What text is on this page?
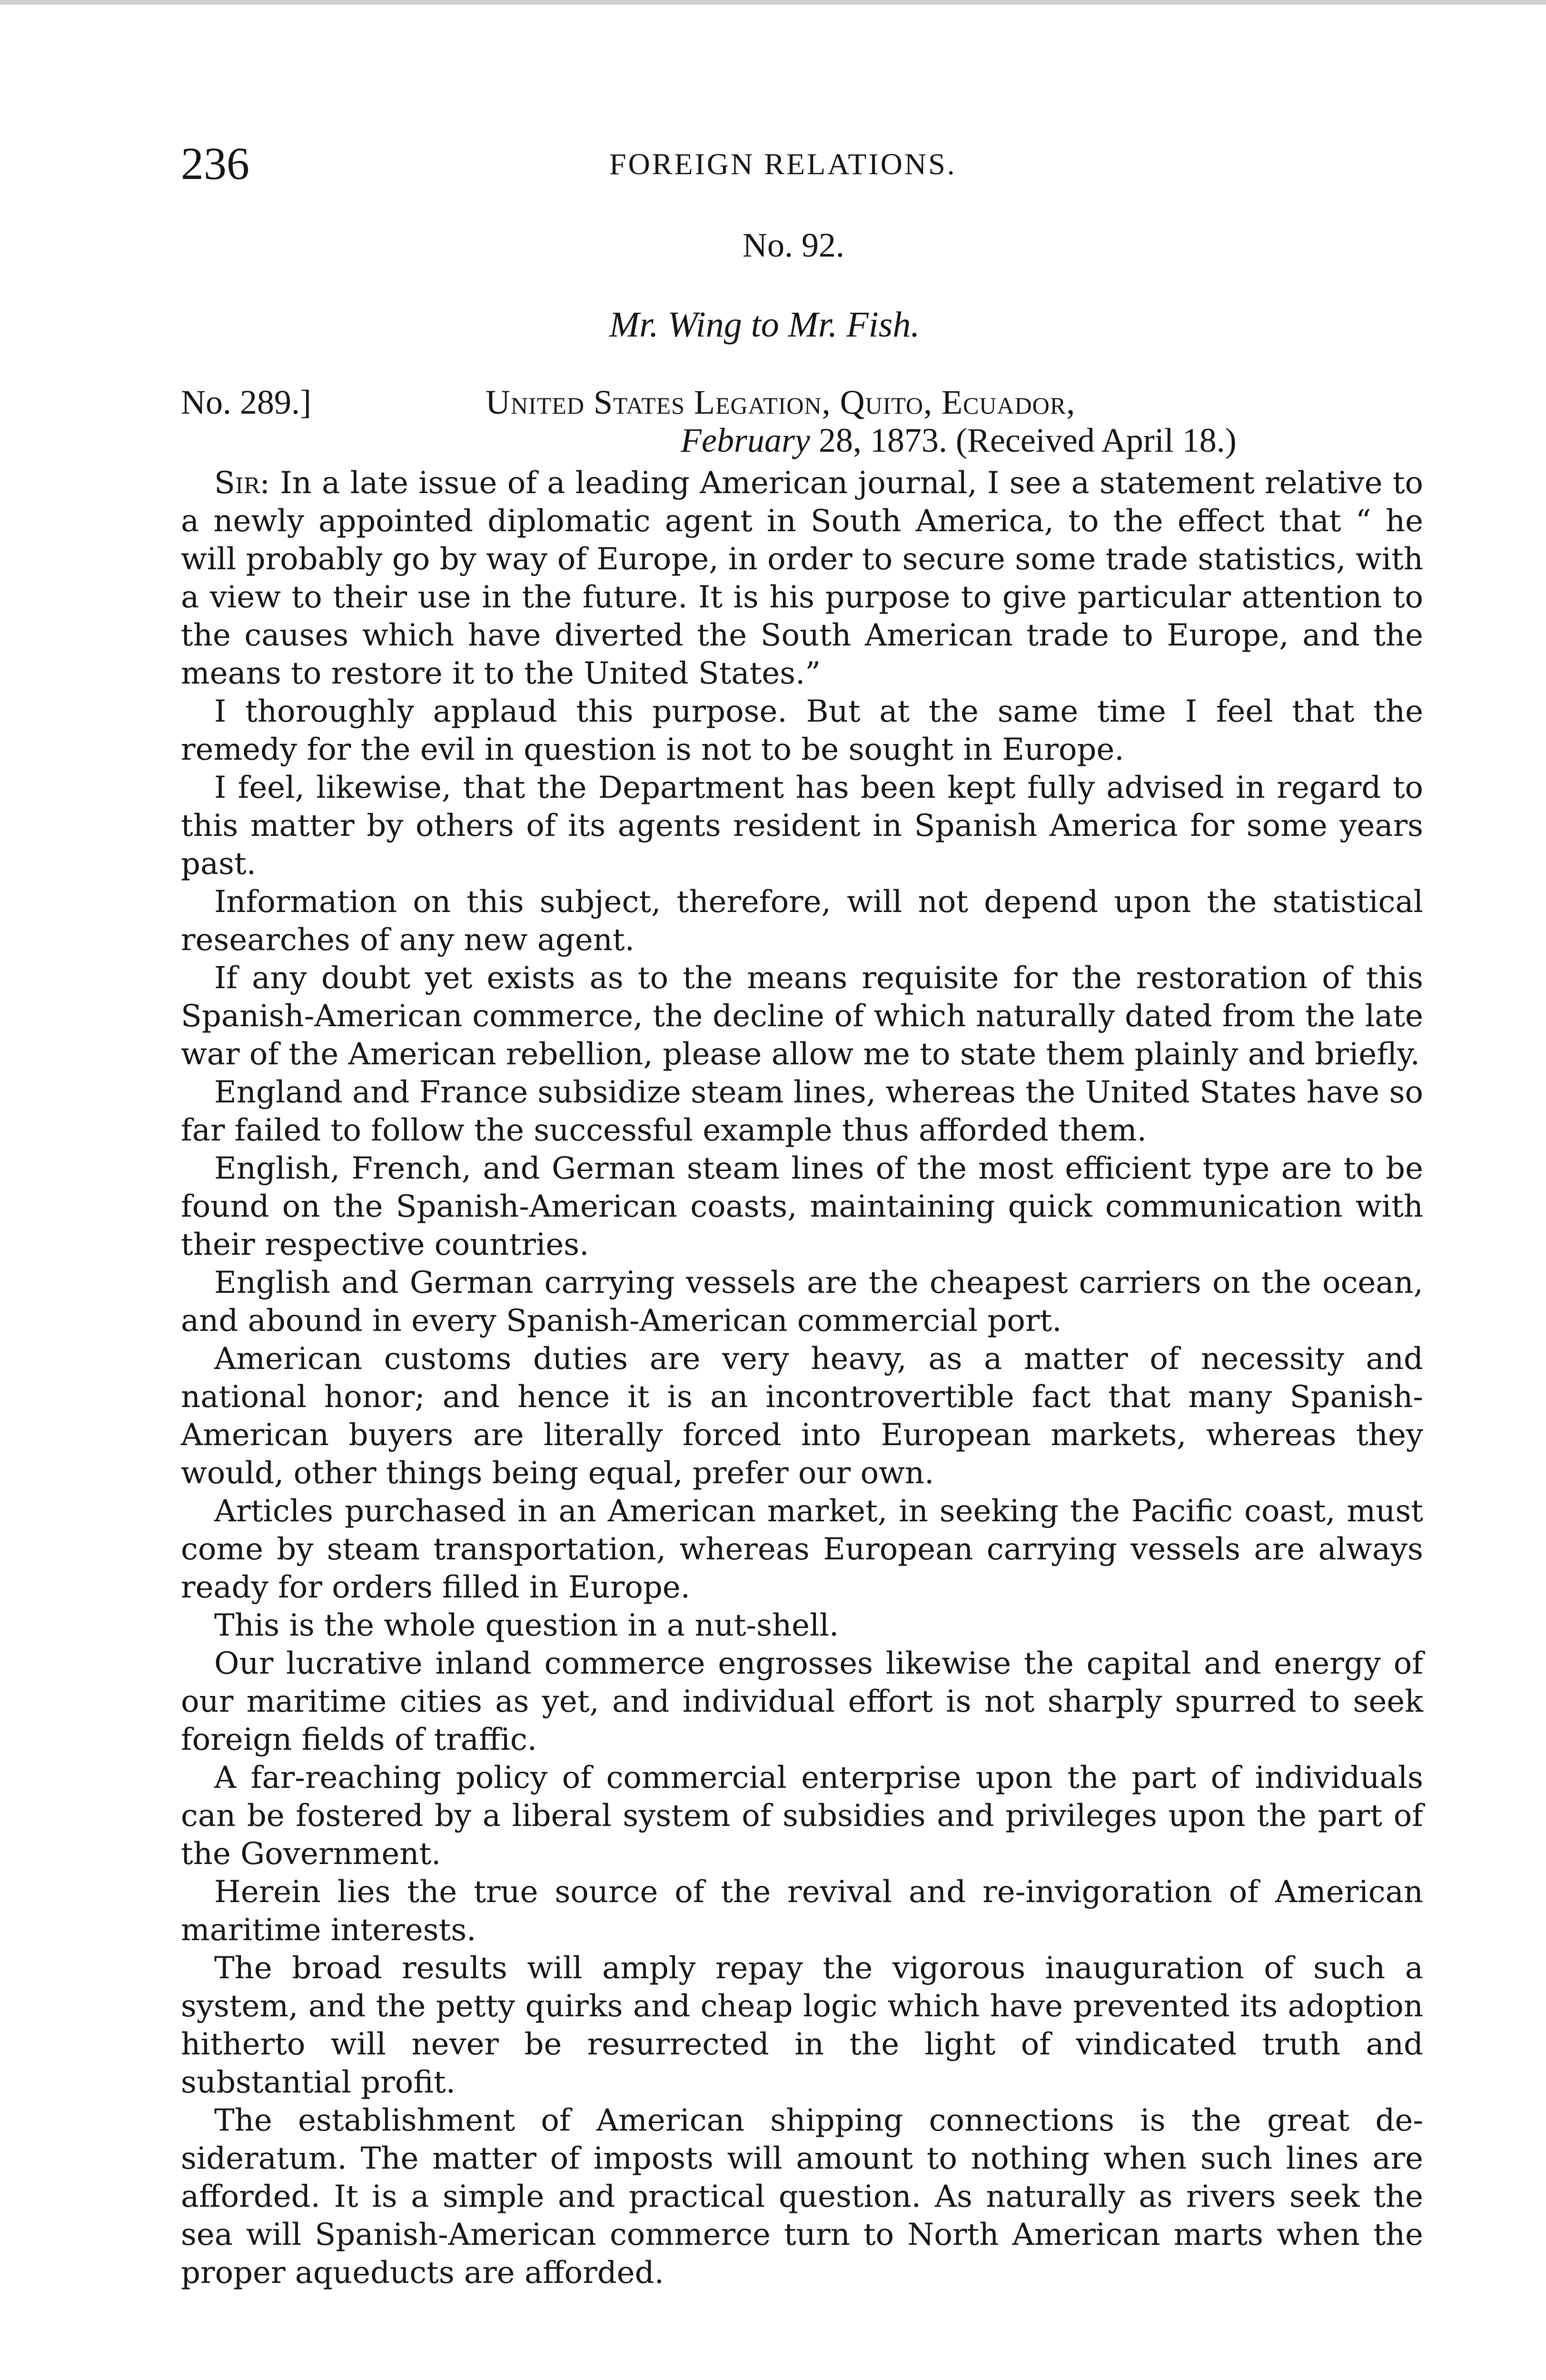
236	FOREIGN RELATIONS.
No. 92.
Mr. Wing to Mr. Fish.
No. 289.]	United States Legation, Quito, Ecuador,
February 28, 1873. (Received April 18.)

Sir: In a late issue of a leading American journal, I see a statement relative to a newly appointed diplomatic agent in South America, to the effect that “ he will probably go by way of Europe, in order to secure some trade statistics, with a view to their use in the future. It is his purpose to give particular attention to the causes which have diverted the South American trade to Europe, and the means to restore it to the United States.”

I thoroughly applaud this purpose. But at the same time I feel that the remedy for the evil in question is not to be sought in Europe.

I feel, likewise, that the Department has been kept fully advised in regard to this matter by others of its agents resident in Spanish America for some years past.

Information on this subject, therefore, will not depend upon the statistical researches of any new agent.

If any doubt yet exists as to the means requisite for the restoration of this Spanish-American commerce, the decline of which naturally dated from the late war of the American rebellion, please allow me to state them plainly and briefly.

England and France subsidize steam lines, whereas the United States have so far failed to follow the successful example thus afforded them.

English, French, and German steam lines of the most efficient type are to be found on the Spanish-American coasts, maintaining quick communication with their respective countries.

English and German carrying vessels are the cheapest carriers on the ocean, and abound in every Spanish-American commercial port.

American customs duties are very heavy, as a matter of necessity and national honor; and hence it is an incontrovertible fact that many Spanish-American buyers are literally forced into European markets, whereas they would, other things being equal, prefer our own.

Articles purchased in an American market, in seeking the Pacific coast, must come by steam transportation, whereas European carrying vessels are always ready for orders filled in Europe.

This is the whole question in a nut-shell.

Our lucrative inland commerce engrosses likewise the capital and energy of our maritime cities as yet, and individual effort is not sharply spurred to seek foreign fields of traffic.

A far-reaching policy of commercial enterprise upon the part of individuals can be fostered by a liberal system of subsidies and privileges upon the part of the Government.

Herein lies the true source of the revival and re-invigoration of American maritime interests.

The broad results will amply repay the vigorous inauguration of such a system, and the petty quirks and cheap logic which have prevented its adoption hitherto will never be resurrected in the light of vindicated truth and substantial profit.

The establishment of American shipping connections is the great desideratum. The matter of imposts will amount to nothing when such lines are afforded. It is a simple and practical question. As naturally as rivers seek the sea will Spanish-American commerce turn to North American marts when the proper aqueducts are afforded.
